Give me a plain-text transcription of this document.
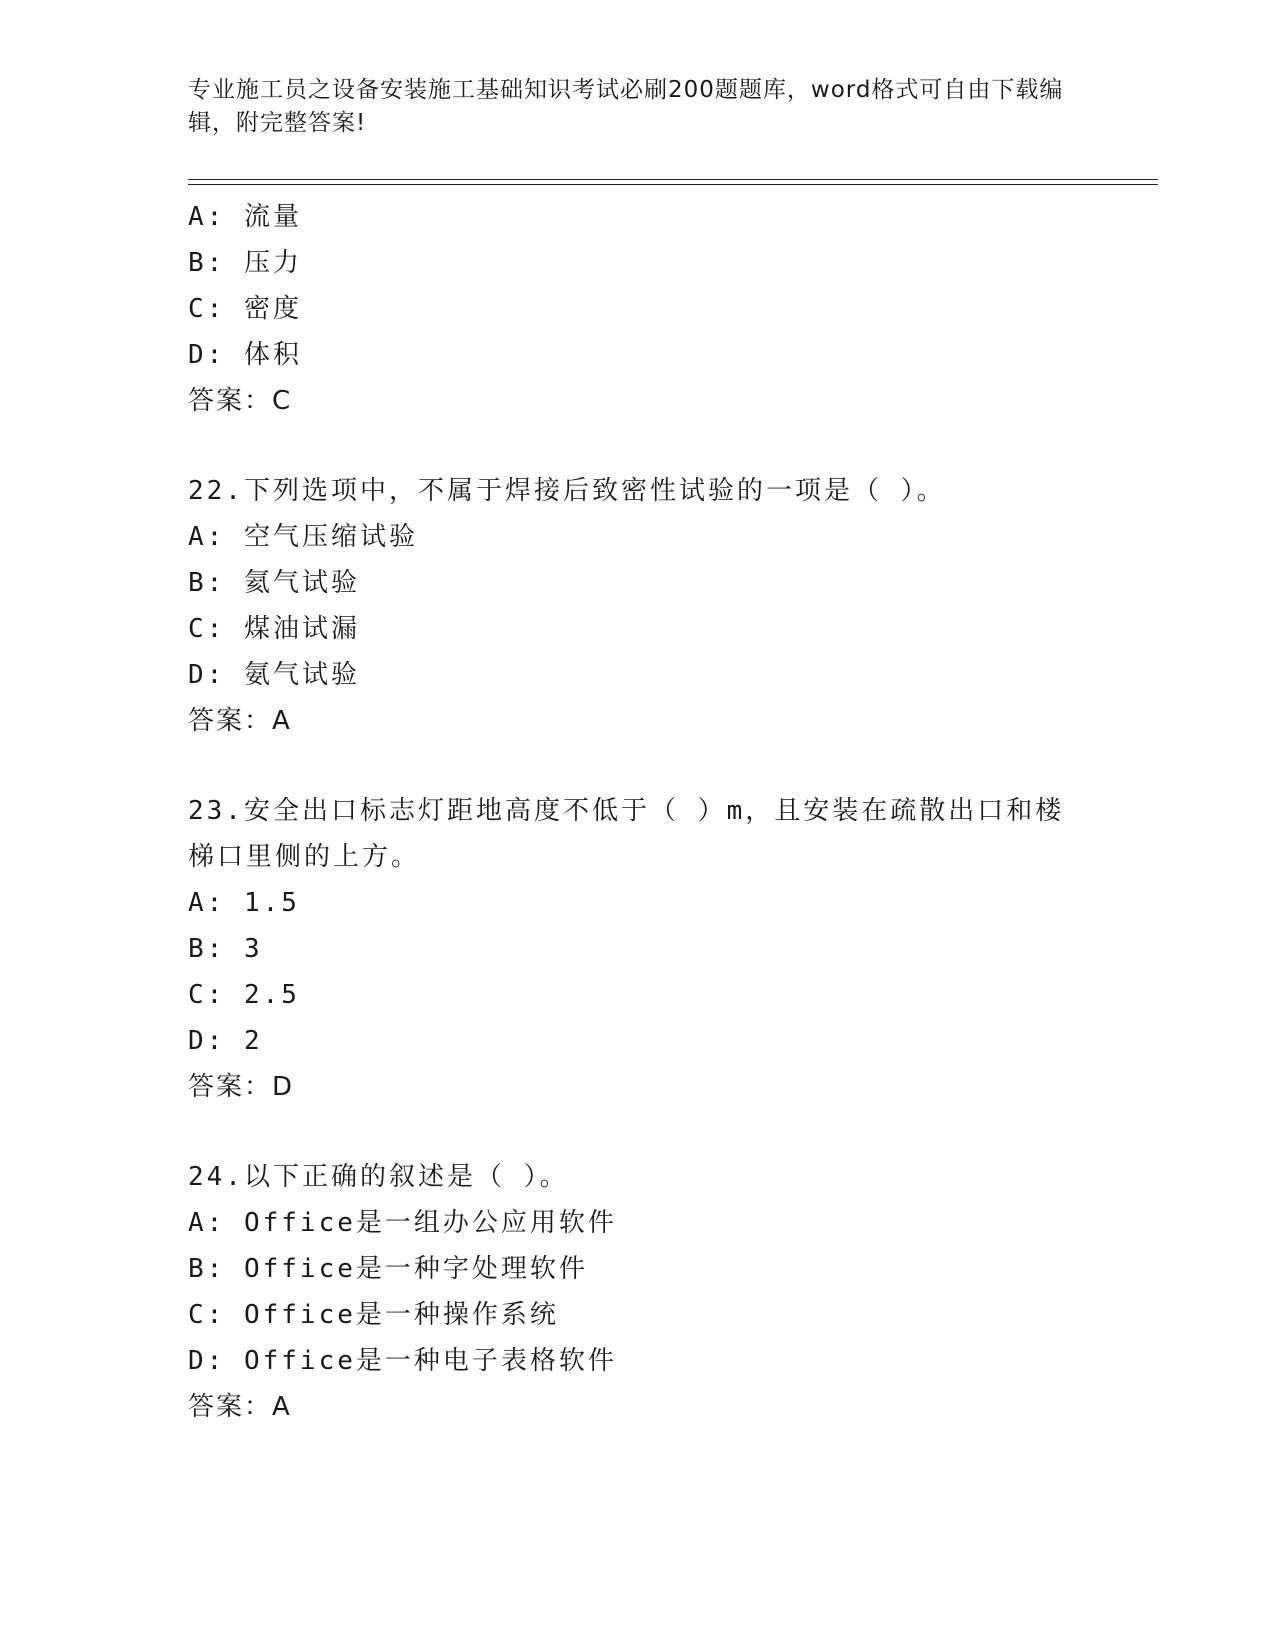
专业施工员之设备安装施工基础知识考试必刷200题题库，word格式可自由下载编辑，附完整答案!
A: 流量
B: 压力
C: 密度
D: 体积
答案：C
22.下列选项中，不属于焊接后致密性试验的一项是（ ）。
A: 空气压缩试验
B: 氦气试验
C: 煤油试漏
D: 氨气试验
答案：A
23.安全出口标志灯距地高度不低于（ ）m，且安装在疏散出口和楼梯口里侧的上方。
A: 1.5
B: 3
C: 2.5
D: 2
答案：D
24.以下正确的叙述是（ ）。
A: Office是一组办公应用软件
B: Office是一种字处理软件
C: Office是一种操作系统
D: Office是一种电子表格软件
答案：A
